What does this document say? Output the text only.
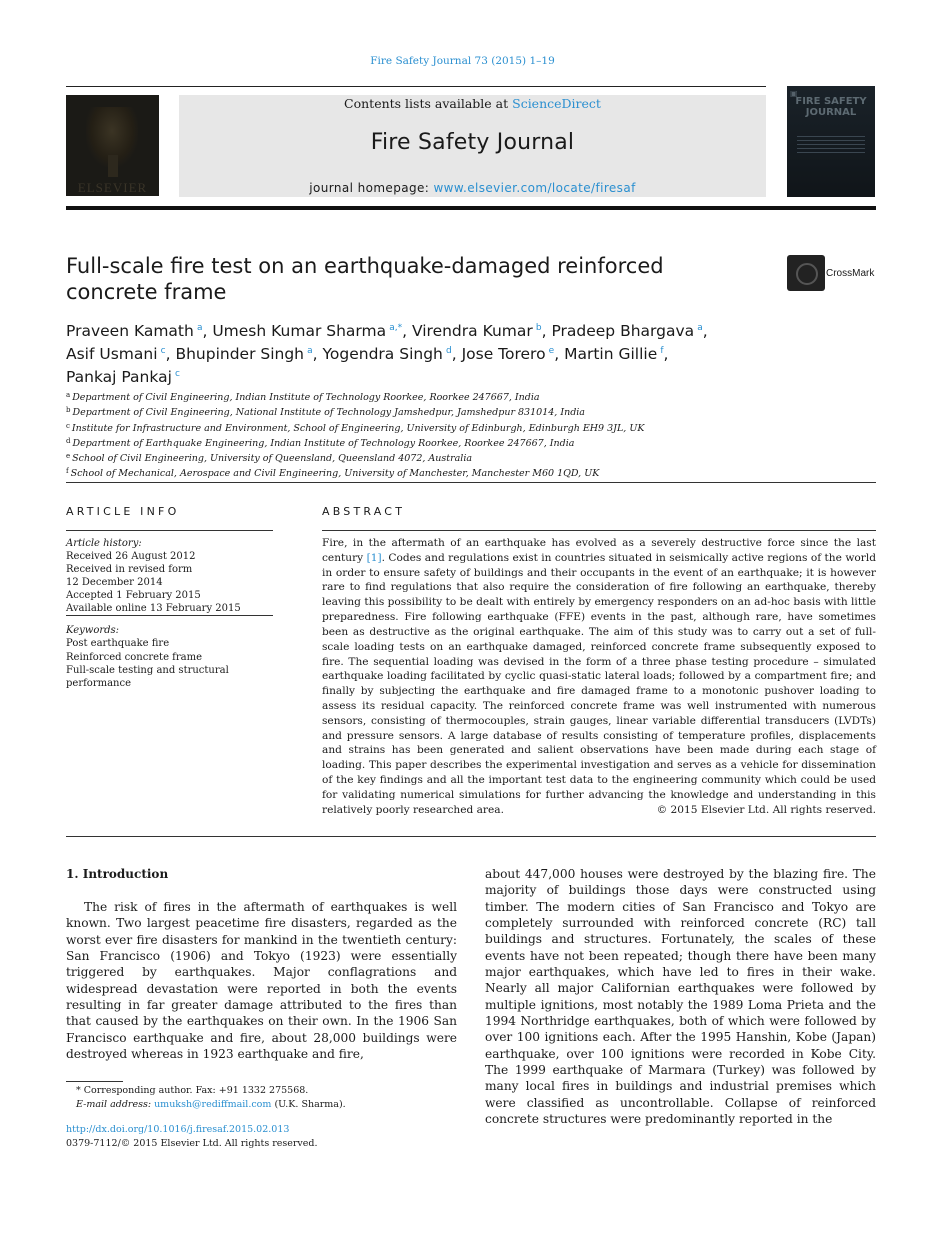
Fire Safety Journal 73 (2015) 1–19
ELSEVIER
Contents lists available at ScienceDirect
Fire Safety Journal
journal homepage: www.elsevier.com/locate/firesaf
▣
FIRE SAFETY JOURNAL
Full-scale fire test on an earthquake-damaged reinforced concrete frame
CrossMark
Praveen Kamath  $^a$, Umesh Kumar Sharma  $^{a,*}$, Virendra Kumar  $^b$, Pradeep Bhargava  $^a$,
Asif Usmani  $^c$, Bhupinder Singh  $^a$, Yogendra Singh  $^d$, Jose Torero  $^e$, Martin Gillie  $^f$,
Pankaj Pankaj  $^c$
$^a$ Department of Civil Engineering, Indian Institute of Technology Roorkee, Roorkee 247667, India
$^b$ Department of Civil Engineering, National Institute of Technology Jamshedpur, Jamshedpur 831014, India
$^c$ Institute for Infrastructure and Environment, School of Engineering, University of Edinburgh, Edinburgh EH9 3JL, UK
$^d$ Department of Earthquake Engineering, Indian Institute of Technology Roorkee, Roorkee 247667, India
$^e$ School of Civil Engineering, University of Queensland, Queensland 4072, Australia
$^f$ School of Mechanical, Aerospace and Civil Engineering, University of Manchester, Manchester M60 1QD, UK
ARTICLE INFO
Article history:
Received 26 August 2012
Received in revised form
12 December 2014
Accepted 1 February 2015
Available online 13 February 2015
Keywords:
Post earthquake fire
Reinforced concrete frame
Full-scale testing and structural
performance
ABSTRACT
Fire, in the aftermath of an earthquake has evolved as a severely destructive force since the last century [1]. Codes and regulations exist in countries situated in seismically active regions of the world in order to ensure safety of buildings and their occupants in the event of an earthquake; it is however rare to find regulations that also require the consideration of fire following an earthquake, thereby leaving this possibility to be dealt with entirely by emergency responders on an ad-hoc basis with little preparedness. Fire following earthquake (FFE) events in the past, although rare, have sometimes been as destructive as the original earthquake. The aim of this study was to carry out a set of full-scale loading tests on an earthquake damaged, reinforced concrete frame subsequently exposed to fire. The sequential loading was devised in the form of a three phase testing procedure – simulated earthquake loading facilitated by cyclic quasi-static lateral loads; followed by a compartment fire; and finally by subjecting the earthquake and fire damaged frame to a monotonic pushover loading to assess its residual capacity. The reinforced concrete frame was well instrumented with numerous sensors, consisting of thermocouples, strain gauges, linear variable differential transducers (LVDTs) and pressure sensors. A large database of results consisting of temperature profiles, displacements and strains has been generated and salient observations have been made during each stage of loading. This paper describes the experimental investigation and serves as a vehicle for dissemination of the key findings and all the important test data to the engineering community which could be used for validating numerical simulations for further advancing the knowledge and understanding in this relatively poorly researched area.	© 2015 Elsevier Ltd. All rights reserved.
1. Introduction
The risk of fires in the aftermath of earthquakes is well known. Two largest peacetime fire disasters, regarded as the worst ever fire disasters for mankind in the twentieth century: San Francisco (1906) and Tokyo (1923) were essentially triggered by earthquakes. Major conflagrations and widespread devastation were reported in both the events resulting in far greater damage attributed to the fires than that caused by the earthquakes on their own. In the 1906 San Francisco earthquake and fire, about 28,000 buildings were destroyed whereas in 1923 earthquake and fire,
about 447,000 houses were destroyed by the blazing fire. The majority of buildings those days were constructed using timber. The modern cities of San Francisco and Tokyo are completely surrounded with reinforced concrete (RC) tall buildings and structures. Fortunately, the scales of these events have not been repeated; though there have been many major earthquakes, which have led to fires in their wake. Nearly all major Californian earthquakes were followed by multiple ignitions, most notably the 1989 Loma Prieta and the 1994 Northridge earthquakes, both of which were followed by over 100 ignitions each. After the 1995 Hanshin, Kobe (Japan) earthquake, over 100 ignitions were recorded in Kobe City. The 1999 earthquake of Marmara (Turkey) was followed by many local fires in buildings and industrial premises which were classified as uncontrollable. Collapse of reinforced concrete structures were predominantly reported in the
* Corresponding author. Fax: +91 1332 275568.
E-mail address: umuksh@rediffmail.com (U.K. Sharma).
http://dx.doi.org/10.1016/j.firesaf.2015.02.013
0379-7112/© 2015 Elsevier Ltd. All rights reserved.
